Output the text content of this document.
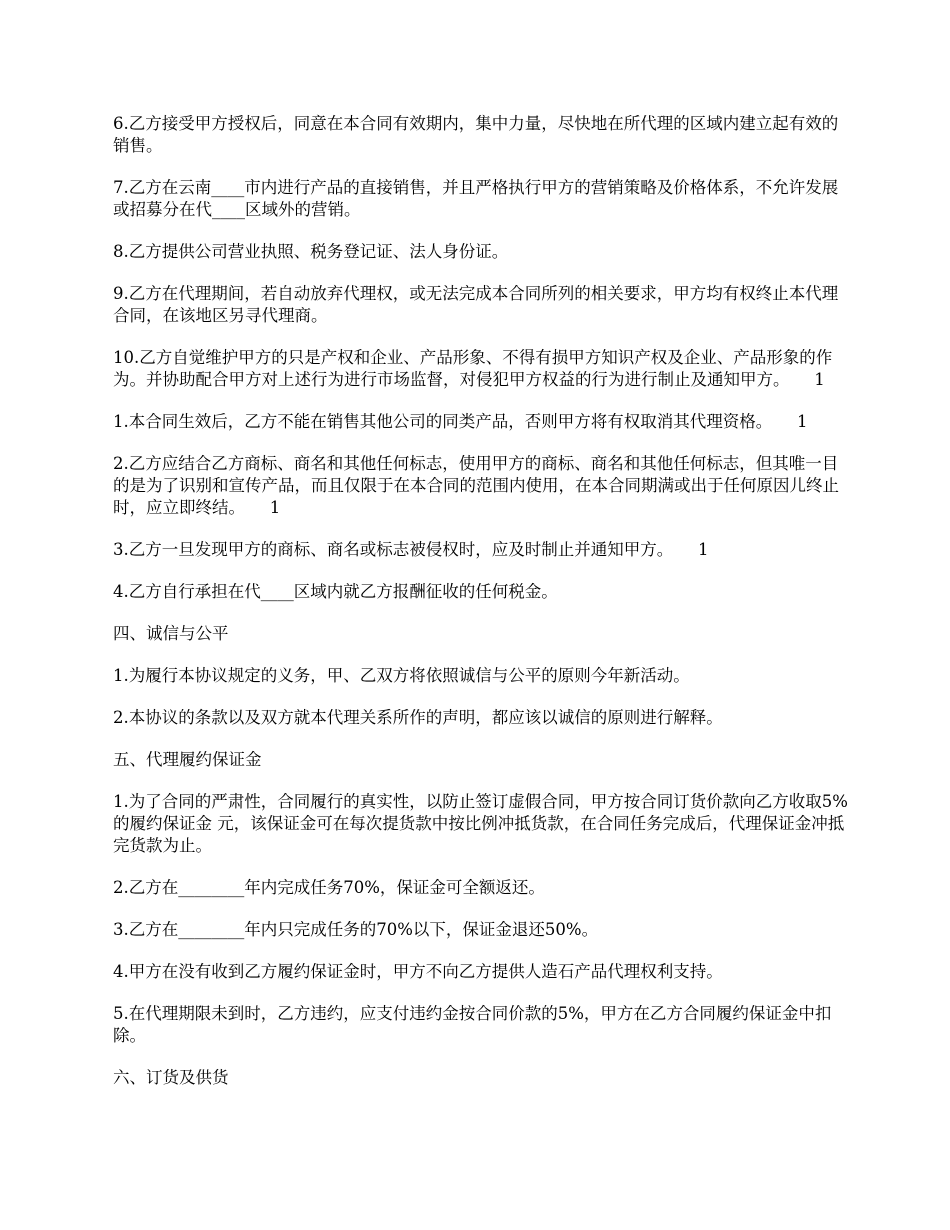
6.乙方接受甲方授权后，同意在本合同有效期内，集中力量，尽快地在所代理的区域内建立起有效的销售。

7.乙方在云南____市内进行产品的直接销售，并且严格执行甲方的营销策略及价格体系，不允许发展或招募分在代____区域外的营销。

8.乙方提供公司营业执照、税务登记证、法人身份证。

9.乙方在代理期间，若自动放弃代理权，或无法完成本合同所列的相关要求，甲方均有权终止本代理合同，在该地区另寻代理商。

10.乙方自觉维护甲方的只是产权和企业、产品形象、不得有损甲方知识产权及企业、产品形象的作为。并协助配合甲方对上述行为进行市场监督，对侵犯甲方权益的行为进行制止及通知甲方。　　1

1.本合同生效后，乙方不能在销售其他公司的同类产品，否则甲方将有权取消其代理资格。　　1

2.乙方应结合乙方商标、商名和其他任何标志，使用甲方的商标、商名和其他任何标志，但其唯一目的是为了识别和宣传产品，而且仅限于在本合同的范围内使用，在本合同期满或出于任何原因儿终止时，应立即终结。　　1

3.乙方一旦发现甲方的商标、商名或标志被侵权时，应及时制止并通知甲方。　　1

4.乙方自行承担在代____区域内就乙方报酬征收的任何税金。

四、诚信与公平

1.为履行本协议规定的义务，甲、乙双方将依照诚信与公平的原则今年新活动。

2.本协议的条款以及双方就本代理关系所作的声明，都应该以诚信的原则进行解释。

五、代理履约保证金

1.为了合同的严肃性，合同履行的真实性，以防止签订虚假合同，甲方按合同订货价款向乙方收取5%的履约保证金 元，该保证金可在每次提货款中按比例冲抵货款，在合同任务完成后，代理保证金冲抵完货款为止。

2.乙方在________年内完成任务70%，保证金可全额返还。

3.乙方在________年内只完成任务的70%以下，保证金退还50%。

4.甲方在没有收到乙方履约保证金时，甲方不向乙方提供人造石产品代理权利支持。

5.在代理期限未到时，乙方违约，应支付违约金按合同价款的5%，甲方在乙方合同履约保证金中扣除。

六、订货及供货
